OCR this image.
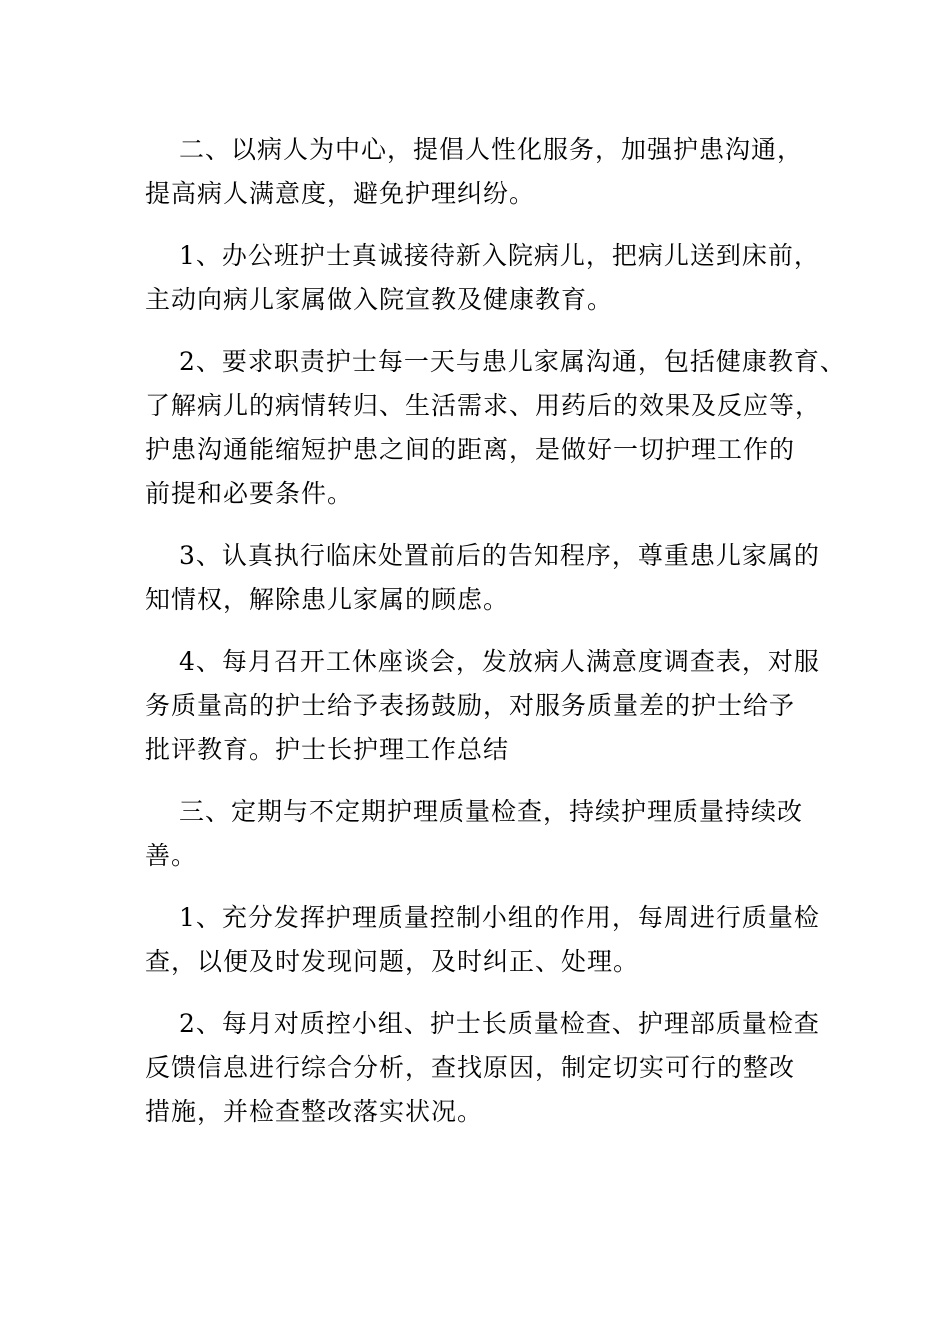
二、以病人为中心，提倡人性化服务，加强护患沟通，
提高病人满意度，避免护理纠纷。

1、办公班护士真诚接待新入院病儿，把病儿送到床前，
主动向病儿家属做入院宣教及健康教育。

2、要求职责护士每一天与患儿家属沟通，包括健康教育、
了解病儿的病情转归、生活需求、用药后的效果及反应等，
护患沟通能缩短护患之间的距离，是做好一切护理工作的
前提和必要条件。

3、认真执行临床处置前后的告知程序，尊重患儿家属的
知情权，解除患儿家属的顾虑。

4、每月召开工休座谈会，发放病人满意度调查表，对服
务质量高的护士给予表扬鼓励，对服务质量差的护士给予
批评教育。护士长护理工作总结

三、定期与不定期护理质量检查，持续护理质量持续改
善。

1、充分发挥护理质量控制小组的作用，每周进行质量检
查，以便及时发现问题，及时纠正、处理。

2、每月对质控小组、护士长质量检查、护理部质量检查
反馈信息进行综合分析，查找原因，制定切实可行的整改
措施，并检查整改落实状况。
